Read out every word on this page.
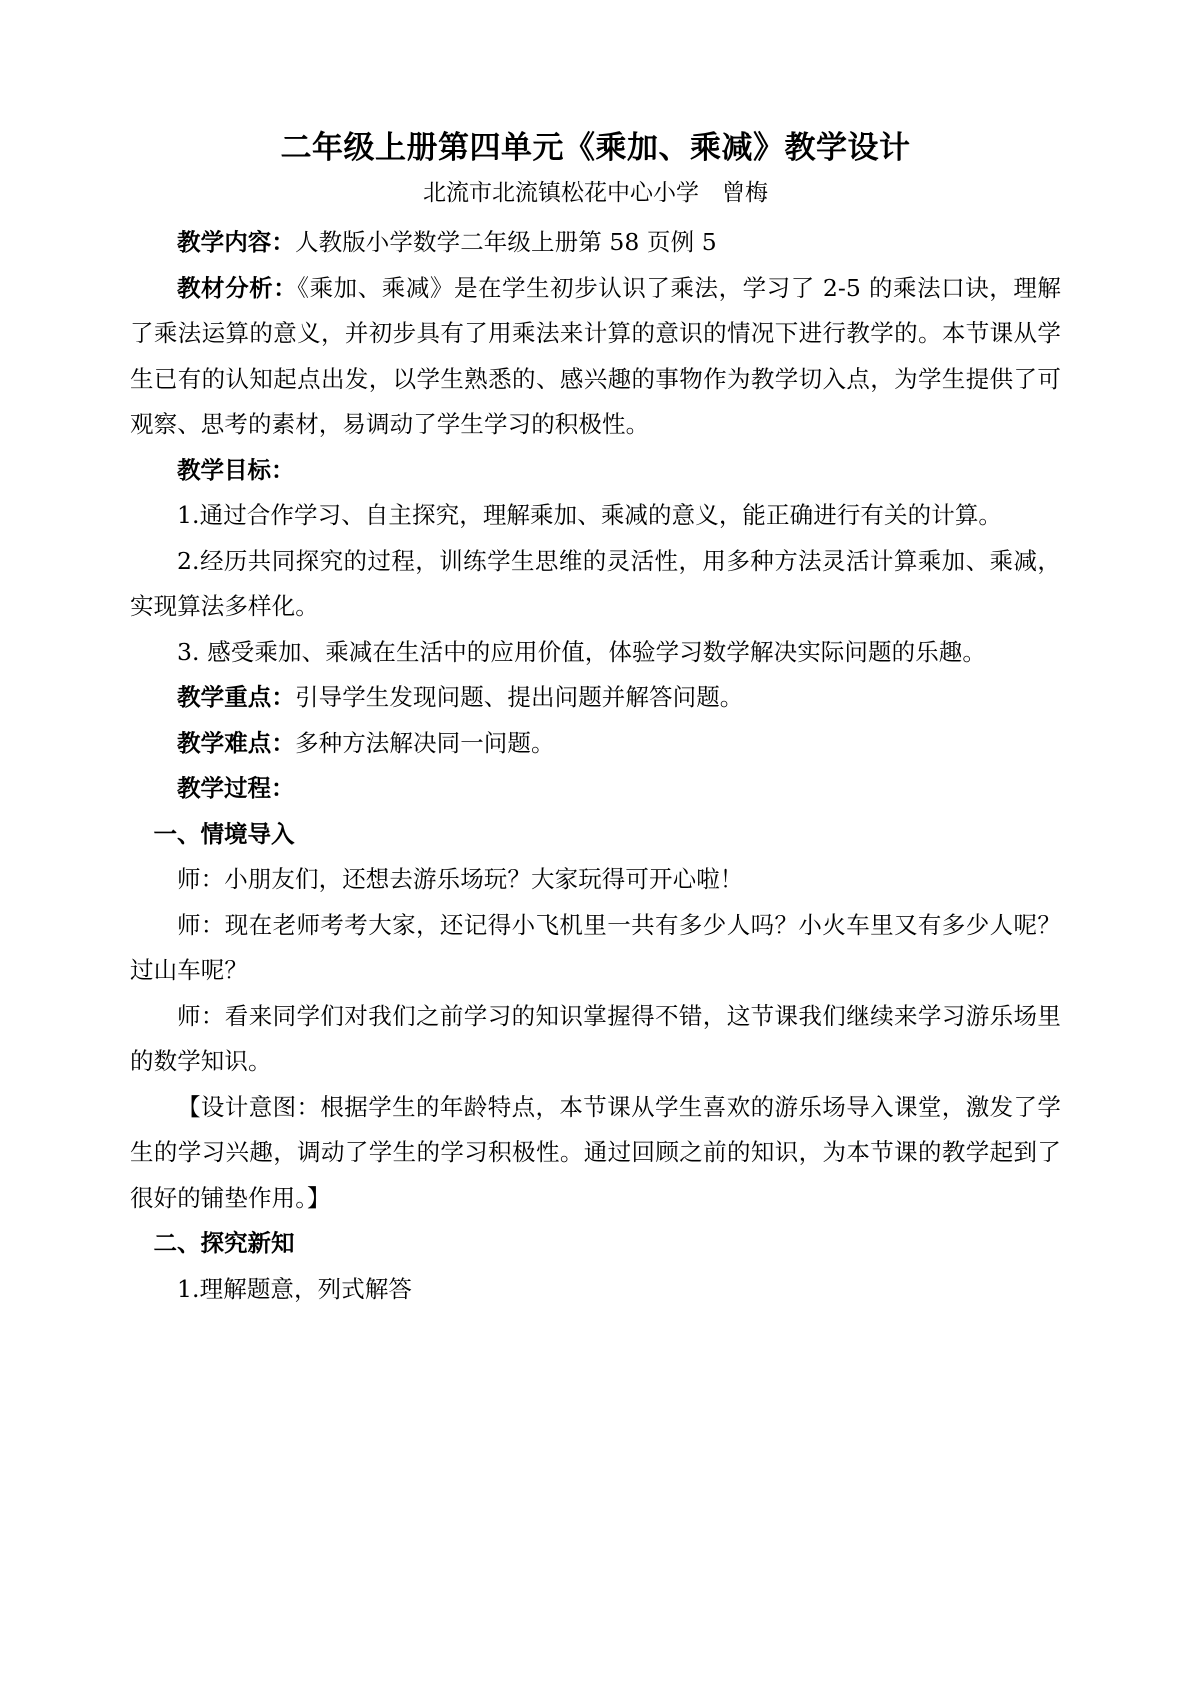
二年级上册第四单元《乘加、乘减》教学设计
北流市北流镇松花中心小学　曾梅

教学内容：人教版小学数学二年级上册第 58 页例 5

教材分析：《乘加、乘减》是在学生初步认识了乘法，学习了 2-5 的乘法口诀，理解了乘法运算的意义，并初步具有了用乘法来计算的意识的情况下进行教学的。本节课从学生已有的认知起点出发，以学生熟悉的、感兴趣的事物作为教学切入点，为学生提供了可观察、思考的素材，易调动了学生学习的积极性。

教学目标：

1.通过合作学习、自主探究，理解乘加、乘减的意义，能正确进行有关的计算。

2.经历共同探究的过程，训练学生思维的灵活性，用多种方法灵活计算乘加、乘减，实现算法多样化。

3. 感受乘加、乘减在生活中的应用价值，体验学习数学解决实际问题的乐趣。

教学重点：引导学生发现问题、提出问题并解答问题。

教学难点：多种方法解决同一问题。

教学过程：

一、情境导入

师：小朋友们，还想去游乐场玩？大家玩得可开心啦！

师：现在老师考考大家，还记得小飞机里一共有多少人吗？小火车里又有多少人呢？过山车呢？

师：看来同学们对我们之前学习的知识掌握得不错，这节课我们继续来学习游乐场里的数学知识。

【设计意图：根据学生的年龄特点，本节课从学生喜欢的游乐场导入课堂，激发了学生的学习兴趣，调动了学生的学习积极性。通过回顾之前的知识，为本节课的教学起到了很好的铺垫作用。】

二、探究新知

1.理解题意，列式解答
